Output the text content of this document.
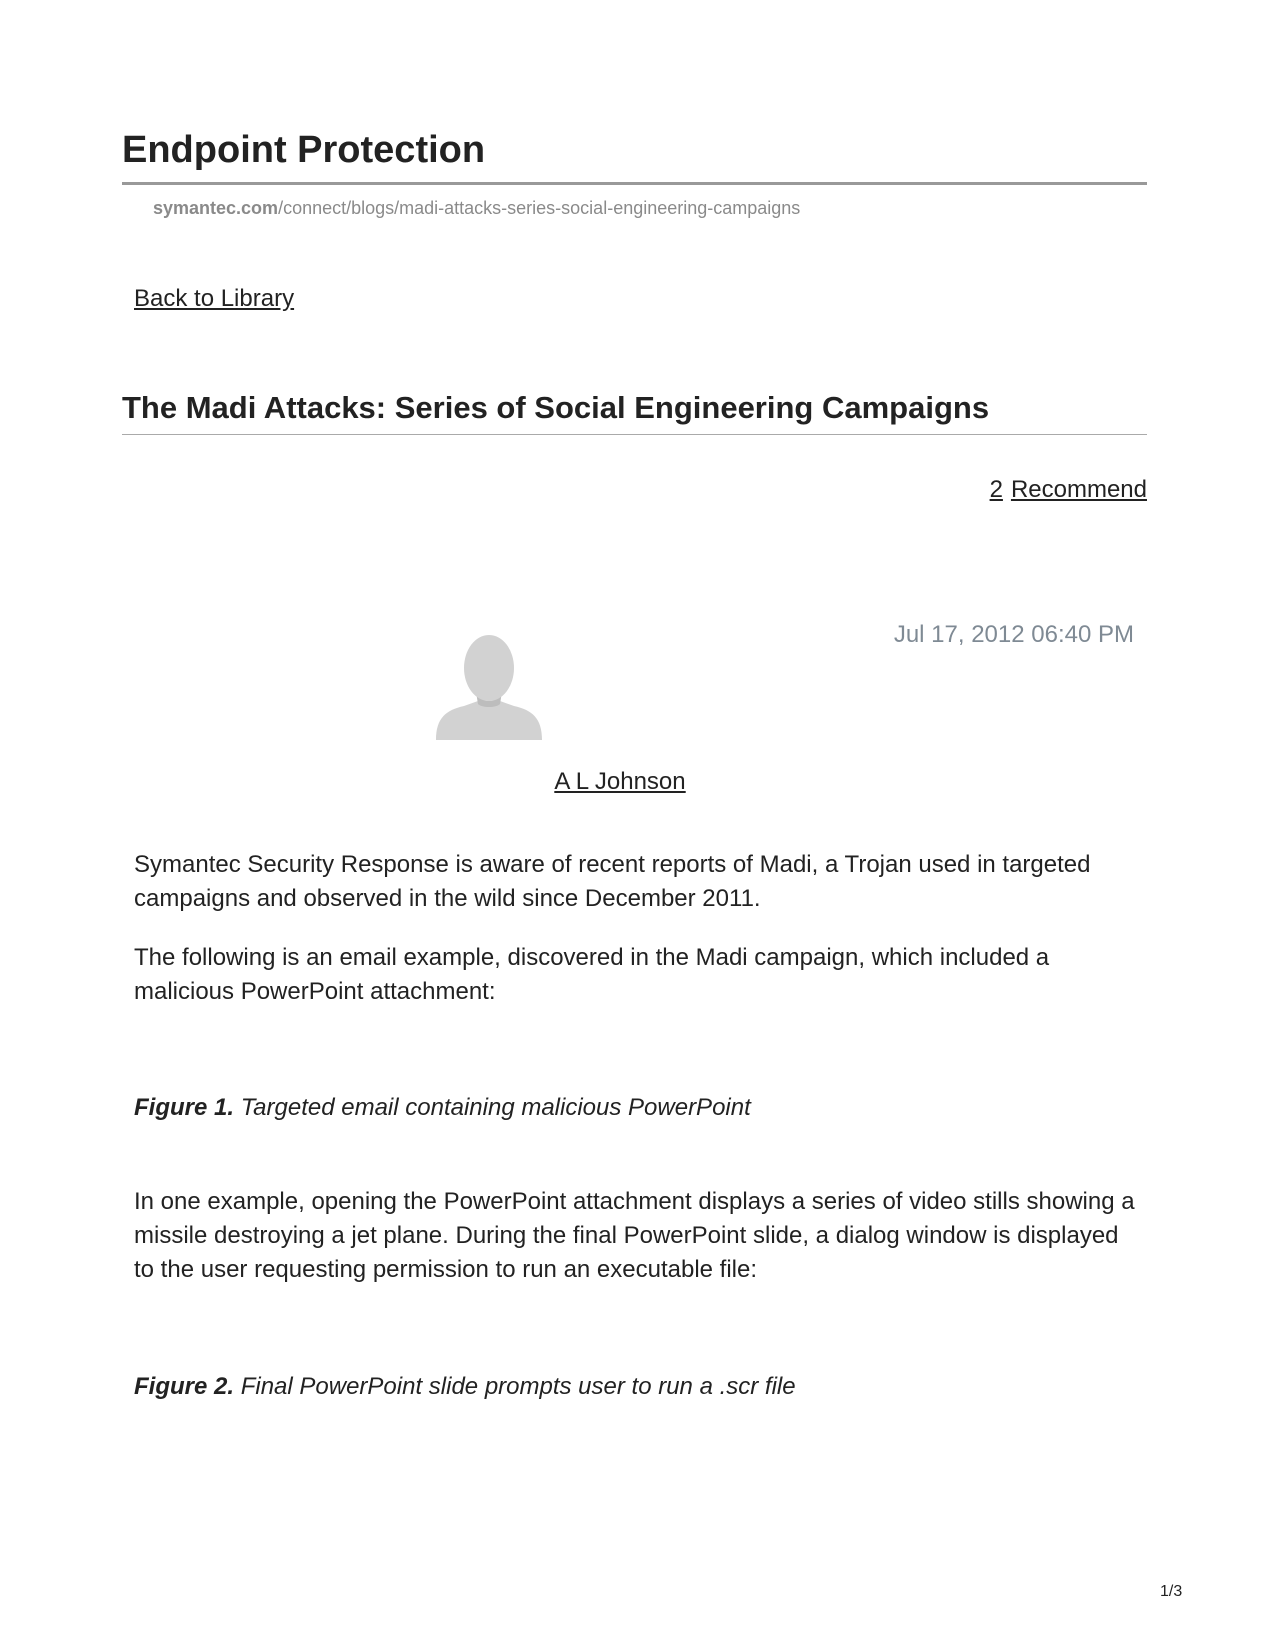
Endpoint Protection
symantec.com/connect/blogs/madi-attacks-series-social-engineering-campaigns
Back to Library
The Madi Attacks: Series of Social Engineering Campaigns
2 Recommend
Jul 17, 2012 06:40 PM
A L Johnson

Symantec Security Response is aware of recent reports of Madi, a Trojan used in targeted campaigns and observed in the wild since December 2011.

The following is an email example, discovered in the Madi campaign, which included a malicious PowerPoint attachment:

Figure 1. Targeted email containing malicious PowerPoint

In one example, opening the PowerPoint attachment displays a series of video stills showing a missile destroying a jet plane. During the final PowerPoint slide, a dialog window is displayed to the user requesting permission to run an executable file:

Figure 2. Final PowerPoint slide prompts user to run a .scr file

1/3
